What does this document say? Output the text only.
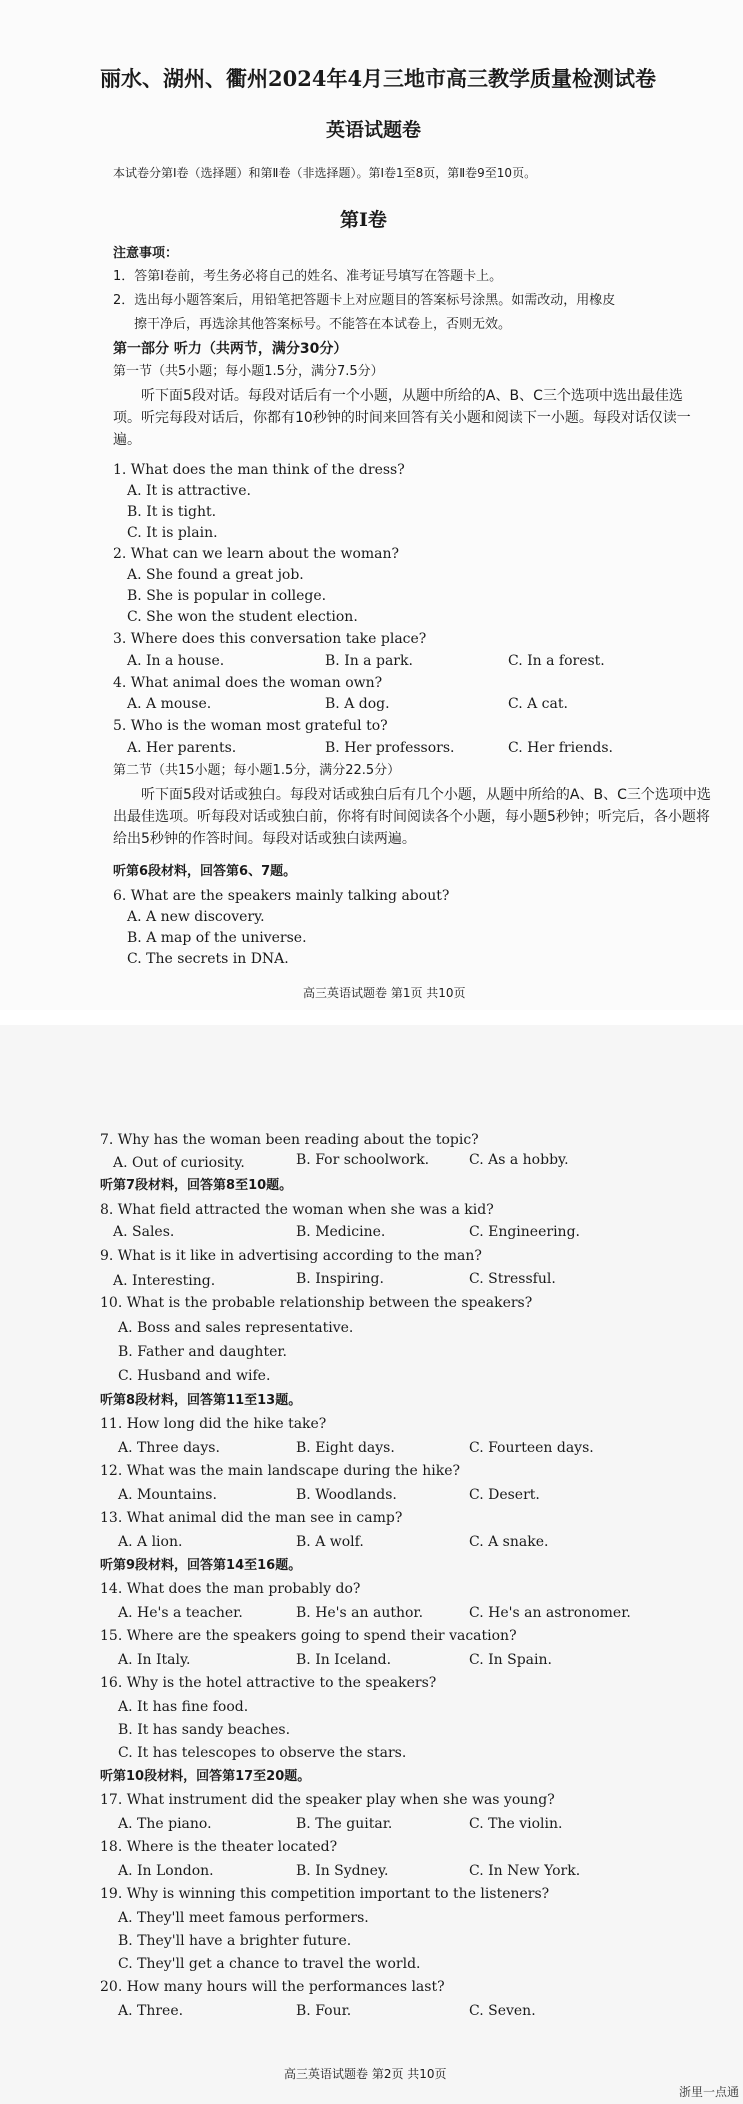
丽水、湖州、衢州2024年4月三地市高三教学质量检测试卷
英语试题卷
本试卷分第Ⅰ卷（选择题）和第Ⅱ卷（非选择题）。第Ⅰ卷1至8页，第Ⅱ卷9至10页。
第Ⅰ卷
注意事项：
1．答第Ⅰ卷前，考生务必将自己的姓名、准考证号填写在答题卡上。
2．选出每小题答案后，用铅笔把答题卡上对应题目的答案标号涂黑。如需改动，用橡皮
擦干净后，再选涂其他答案标号。不能答在本试卷上，否则无效。
第一部分 听力（共两节，满分30分）
第一节（共5小题；每小题1.5分，满分7.5分）
听下面5段对话。每段对话后有一个小题，从题中所给的A、B、C三个选项中选出最佳选项。听完每段对话后，你都有10秒钟的时间来回答有关小题和阅读下一小题。每段对话仅读一遍。
1. What does the man think of the dress?
A. It is attractive.
B. It is tight.
C. It is plain.
2. What can we learn about the woman?
A. She found a great job.
B. She is popular in college.
C. She won the student election.
3. Where does this conversation take place?
A. In a house.	B. In a park.	C. In a forest.
4. What animal does the woman own?
A. A mouse.	B. A dog.	C. A cat.
5. Who is the woman most grateful to?
A. Her parents.	B. Her professors.	C. Her friends.
第二节（共15小题；每小题1.5分，满分22.5分）
听下面5段对话或独白。每段对话或独白后有几个小题，从题中所给的A、B、C三个选项中选出最佳选项。听每段对话或独白前，你将有时间阅读各个小题，每小题5秒钟；听完后，各小题将给出5秒钟的作答时间。每段对话或独白读两遍。
听第6段材料，回答第6、7题。
6. What are the speakers mainly talking about?
A. A new discovery.
B. A map of the universe.
C. The secrets in DNA.
高三英语试题卷 第1页 共10页
7. Why has the woman been reading about the topic?
A. Out of curiosity.	B. For schoolwork.	C. As a hobby.
听第7段材料，回答第8至10题。
8. What field attracted the woman when she was a kid?
A. Sales.	B. Medicine.	C. Engineering.
9. What is it like in advertising according to the man?
A. Interesting.	B. Inspiring.	C. Stressful.
10. What is the probable relationship between the speakers?
A. Boss and sales representative.
B. Father and daughter.
C. Husband and wife.
听第8段材料，回答第11至13题。
11. How long did the hike take?
A. Three days.	B. Eight days.	C. Fourteen days.
12. What was the main landscape during the hike?
A. Mountains.	B. Woodlands.	C. Desert.
13. What animal did the man see in camp?
A. A lion.	B. A wolf.	C. A snake.
听第9段材料，回答第14至16题。
14. What does the man probably do?
A. He's a teacher.	B. He's an author.	C. He's an astronomer.
15. Where are the speakers going to spend their vacation?
A. In Italy.	B. In Iceland.	C. In Spain.
16. Why is the hotel attractive to the speakers?
A. It has fine food.
B. It has sandy beaches.
C. It has telescopes to observe the stars.
听第10段材料，回答第17至20题。
17. What instrument did the speaker play when she was young?
A. The piano.	B. The guitar.	C. The violin.
18. Where is the theater located?
A. In London.	B. In Sydney.	C. In New York.
19. Why is winning this competition important to the listeners?
A. They'll meet famous performers.
B. They'll have a brighter future.
C. They'll get a chance to travel the world.
20. How many hours will the performances last?
A. Three.	B. Four.	C. Seven.
高三英语试题卷 第2页 共10页
浙里一点通
